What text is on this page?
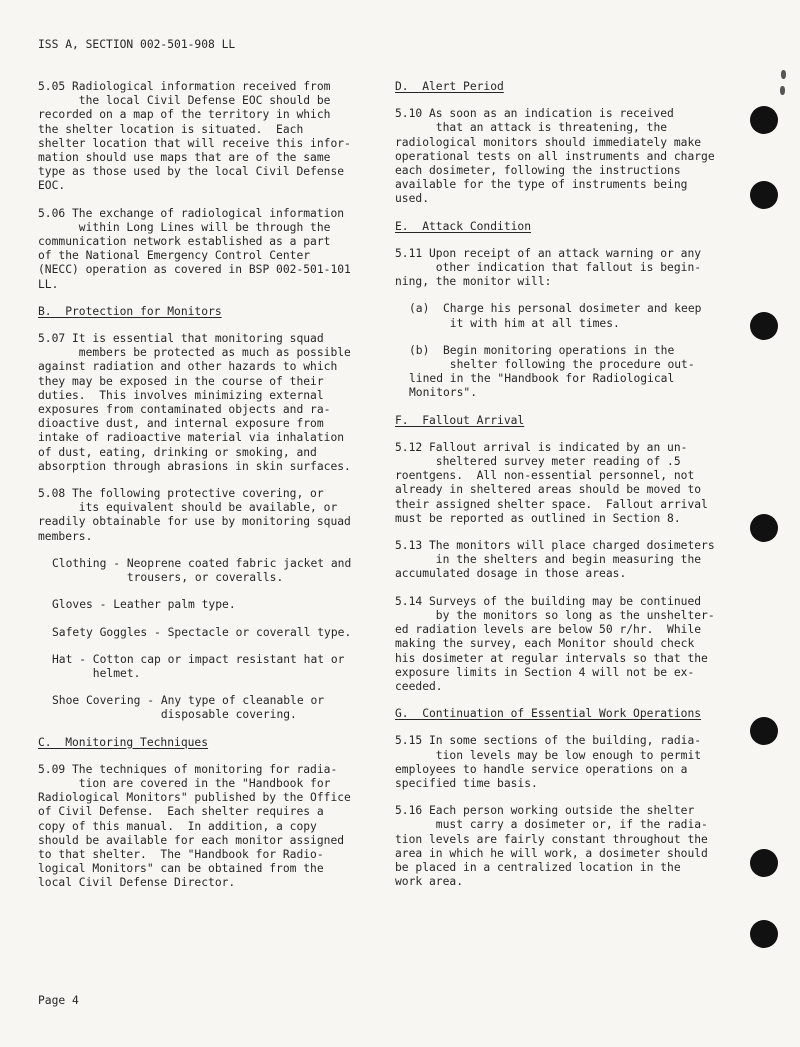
ISS A, SECTION 002-501-908 LL
5.05 Radiological information received from
the local Civil Defense EOC should be
recorded on a map of the territory in which
the shelter location is situated.  Each
shelter location that will receive this infor-
mation should use maps that are of the same
type as those used by the local Civil Defense
EOC.
5.06 The exchange of radiological information
within Long Lines will be through the
communication network established as a part
of the National Emergency Control Center
(NECC) operation as covered in BSP 002-501-101
LL.
B.  Protection for Monitors
5.07 It is essential that monitoring squad
members be protected as much as possible
against radiation and other hazards to which
they may be exposed in the course of their
duties.  This involves minimizing external
exposures from contaminated objects and ra-
dioactive dust, and internal exposure from
intake of radioactive material via inhalation
of dust, eating, drinking or smoking, and
absorption through abrasions in skin surfaces.
5.08 The following protective covering, or
its equivalent should be available, or
readily obtainable for use by monitoring squad
members.
Clothing - Neoprene coated fabric jacket and
trousers, or coveralls.
Gloves - Leather palm type.
Safety Goggles - Spectacle or coverall type.
Hat - Cotton cap or impact resistant hat or
helmet.
Shoe Covering - Any type of cleanable or
disposable covering.
C.  Monitoring Techniques
5.09 The techniques of monitoring for radia-
tion are covered in the "Handbook for
Radiological Monitors" published by the Office
of Civil Defense.  Each shelter requires a
copy of this manual.  In addition, a copy
should be available for each monitor assigned
to that shelter.  The "Handbook for Radio-
logical Monitors" can be obtained from the
local Civil Defense Director.
D.  Alert Period
5.10 As soon as an indication is received
that an attack is threatening, the
radiological monitors should immediately make
operational tests on all instruments and charge
each dosimeter, following the instructions
available for the type of instruments being
used.
E.  Attack Condition
5.11 Upon receipt of an attack warning or any
other indication that fallout is begin-
ning, the monitor will:
(a)  Charge his personal dosimeter and keep
it with him at all times.
(b)  Begin monitoring operations in the
shelter following the procedure out-
lined in the "Handbook for Radiological
Monitors".
F.  Fallout Arrival
5.12 Fallout arrival is indicated by an un-
sheltered survey meter reading of .5
roentgens.  All non-essential personnel, not
already in sheltered areas should be moved to
their assigned shelter space.  Fallout arrival
must be reported as outlined in Section 8.
5.13 The monitors will place charged dosimeters
in the shelters and begin measuring the
accumulated dosage in those areas.
5.14 Surveys of the building may be continued
by the monitors so long as the unshelter-
ed radiation levels are below 50 r/hr.  While
making the survey, each Monitor should check
his dosimeter at regular intervals so that the
exposure limits in Section 4 will not be ex-
ceeded.
G.  Continuation of Essential Work Operations
5.15 In some sections of the building, radia-
tion levels may be low enough to permit
employees to handle service operations on a
specified time basis.
5.16 Each person working outside the shelter
must carry a dosimeter or, if the radia-
tion levels are fairly constant throughout the
area in which he will work, a dosimeter should
be placed in a centralized location in the
work area.
Page 4
